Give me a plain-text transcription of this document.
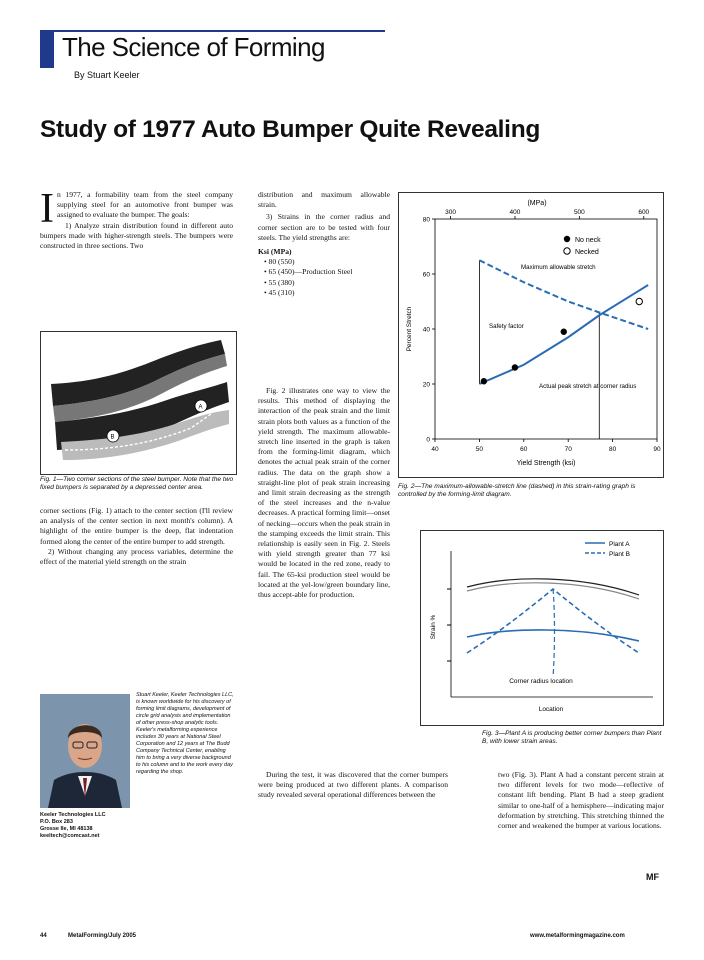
The Science of Forming
By Stuart Keeler
Study of 1977 Auto Bumper Quite Revealing

In 1977, a formability team from the steel company supplying steel for an automotive front bumper was assigned to evaluate the bumper. The goals:

1) Analyze strain distribution found in different auto bumpers made with higher-strength steels. The bumpers were constructed in three sections. Two

A
B
Fig. 1—Two corner sections of the steel bumper. Note that the two fixed bumpers is separated by a depressed center area.

corner sections (Fig. 1) attach to the center section (I'll review an analysis of the center section in next month's column). A highlight of the entire bumper is the deep, flat indentation formed along the center of the entire bumper to add strength.

2) Without changing any process variables, determine the effect of the material yield strength on the strain

Stuart Keeler, Keeler Technologies LLC, is known worldwide for his discovery of forming limit diagrams, development of circle grid analysis and implementation of other press-shop analytic tools. Keeler's metalforming experience includes 30 years at National Steel Corporation and 12 years at The Budd Company Technical Center, enabling him to bring a very diverse background to his column and to the work every day regarding the shop.
Keeler Technologies LLC
P.O. Box 283
Grosse Ile, MI 48138
keeltech@comcast.net

distribution and maximum allowable strain.

3) Strains in the corner radius and corner section are to be tested with four steels. The yield strengths are:

Ksi (MPa)
• 80 (550)
• 65 (450)—Production Steel
• 55 (380)
• 45 (310)

Fig. 2 illustrates one way to view the results. This method of displaying the interaction of the peak strain and the limit strain plots both values as a function of the yield strength. The maximum allowable-stretch line inserted in the graph is taken from the forming-limit diagram, which denotes the actual peak strain of the corner radius. The data on the graph show a straight-line plot of peak strain increasing and limit strain decreasing as the strength of the steel increases and the n-value decreases. A practical forming limit—onset of necking—occurs when the peak strain in the stamping exceeds the limit strain. This relationship is easily seen in Fig. 2. Steels with yield strength greater than 77 ksi would be located in the red zone, ready to fail. The 65-ksi production steel would be located at the yel-low/green boundary line, thus accept-able for production.

During the test, it was discovered that the corner bumpers were being produced at two different plants. A comparison study revealed several operational differences between the

(MPa)
300	400	500	600
80
60
40
20
0
40	50	60	70	80	90
Percent Stretch
Yield Strength (ksi)
No neck
Necked
Maximum allowable stretch
Safety factor
Actual peak stretch at corner radius
Fig. 2—The maximum-allowable-stretch line (dashed) in this strain-rating graph is controlled by the forming-limit diagram.
Plant A
Plant B
Strain %
Location
Corner radius location
Fig. 3—Plant A is producing better corner bumpers than Plant B, with lower strain areas.

two (Fig. 3). Plant A had a constant percent strain at two different levels for two mode—reflective of constant lift bending. Plant B had a steep gradient similar to one-half of a hemisphere—indicating major deformation by stretching. This stretching thinned the corner and weakened the bumper at various locations.

MF
44	MetalForming/July 2005	www.metalformingmagazine.com
